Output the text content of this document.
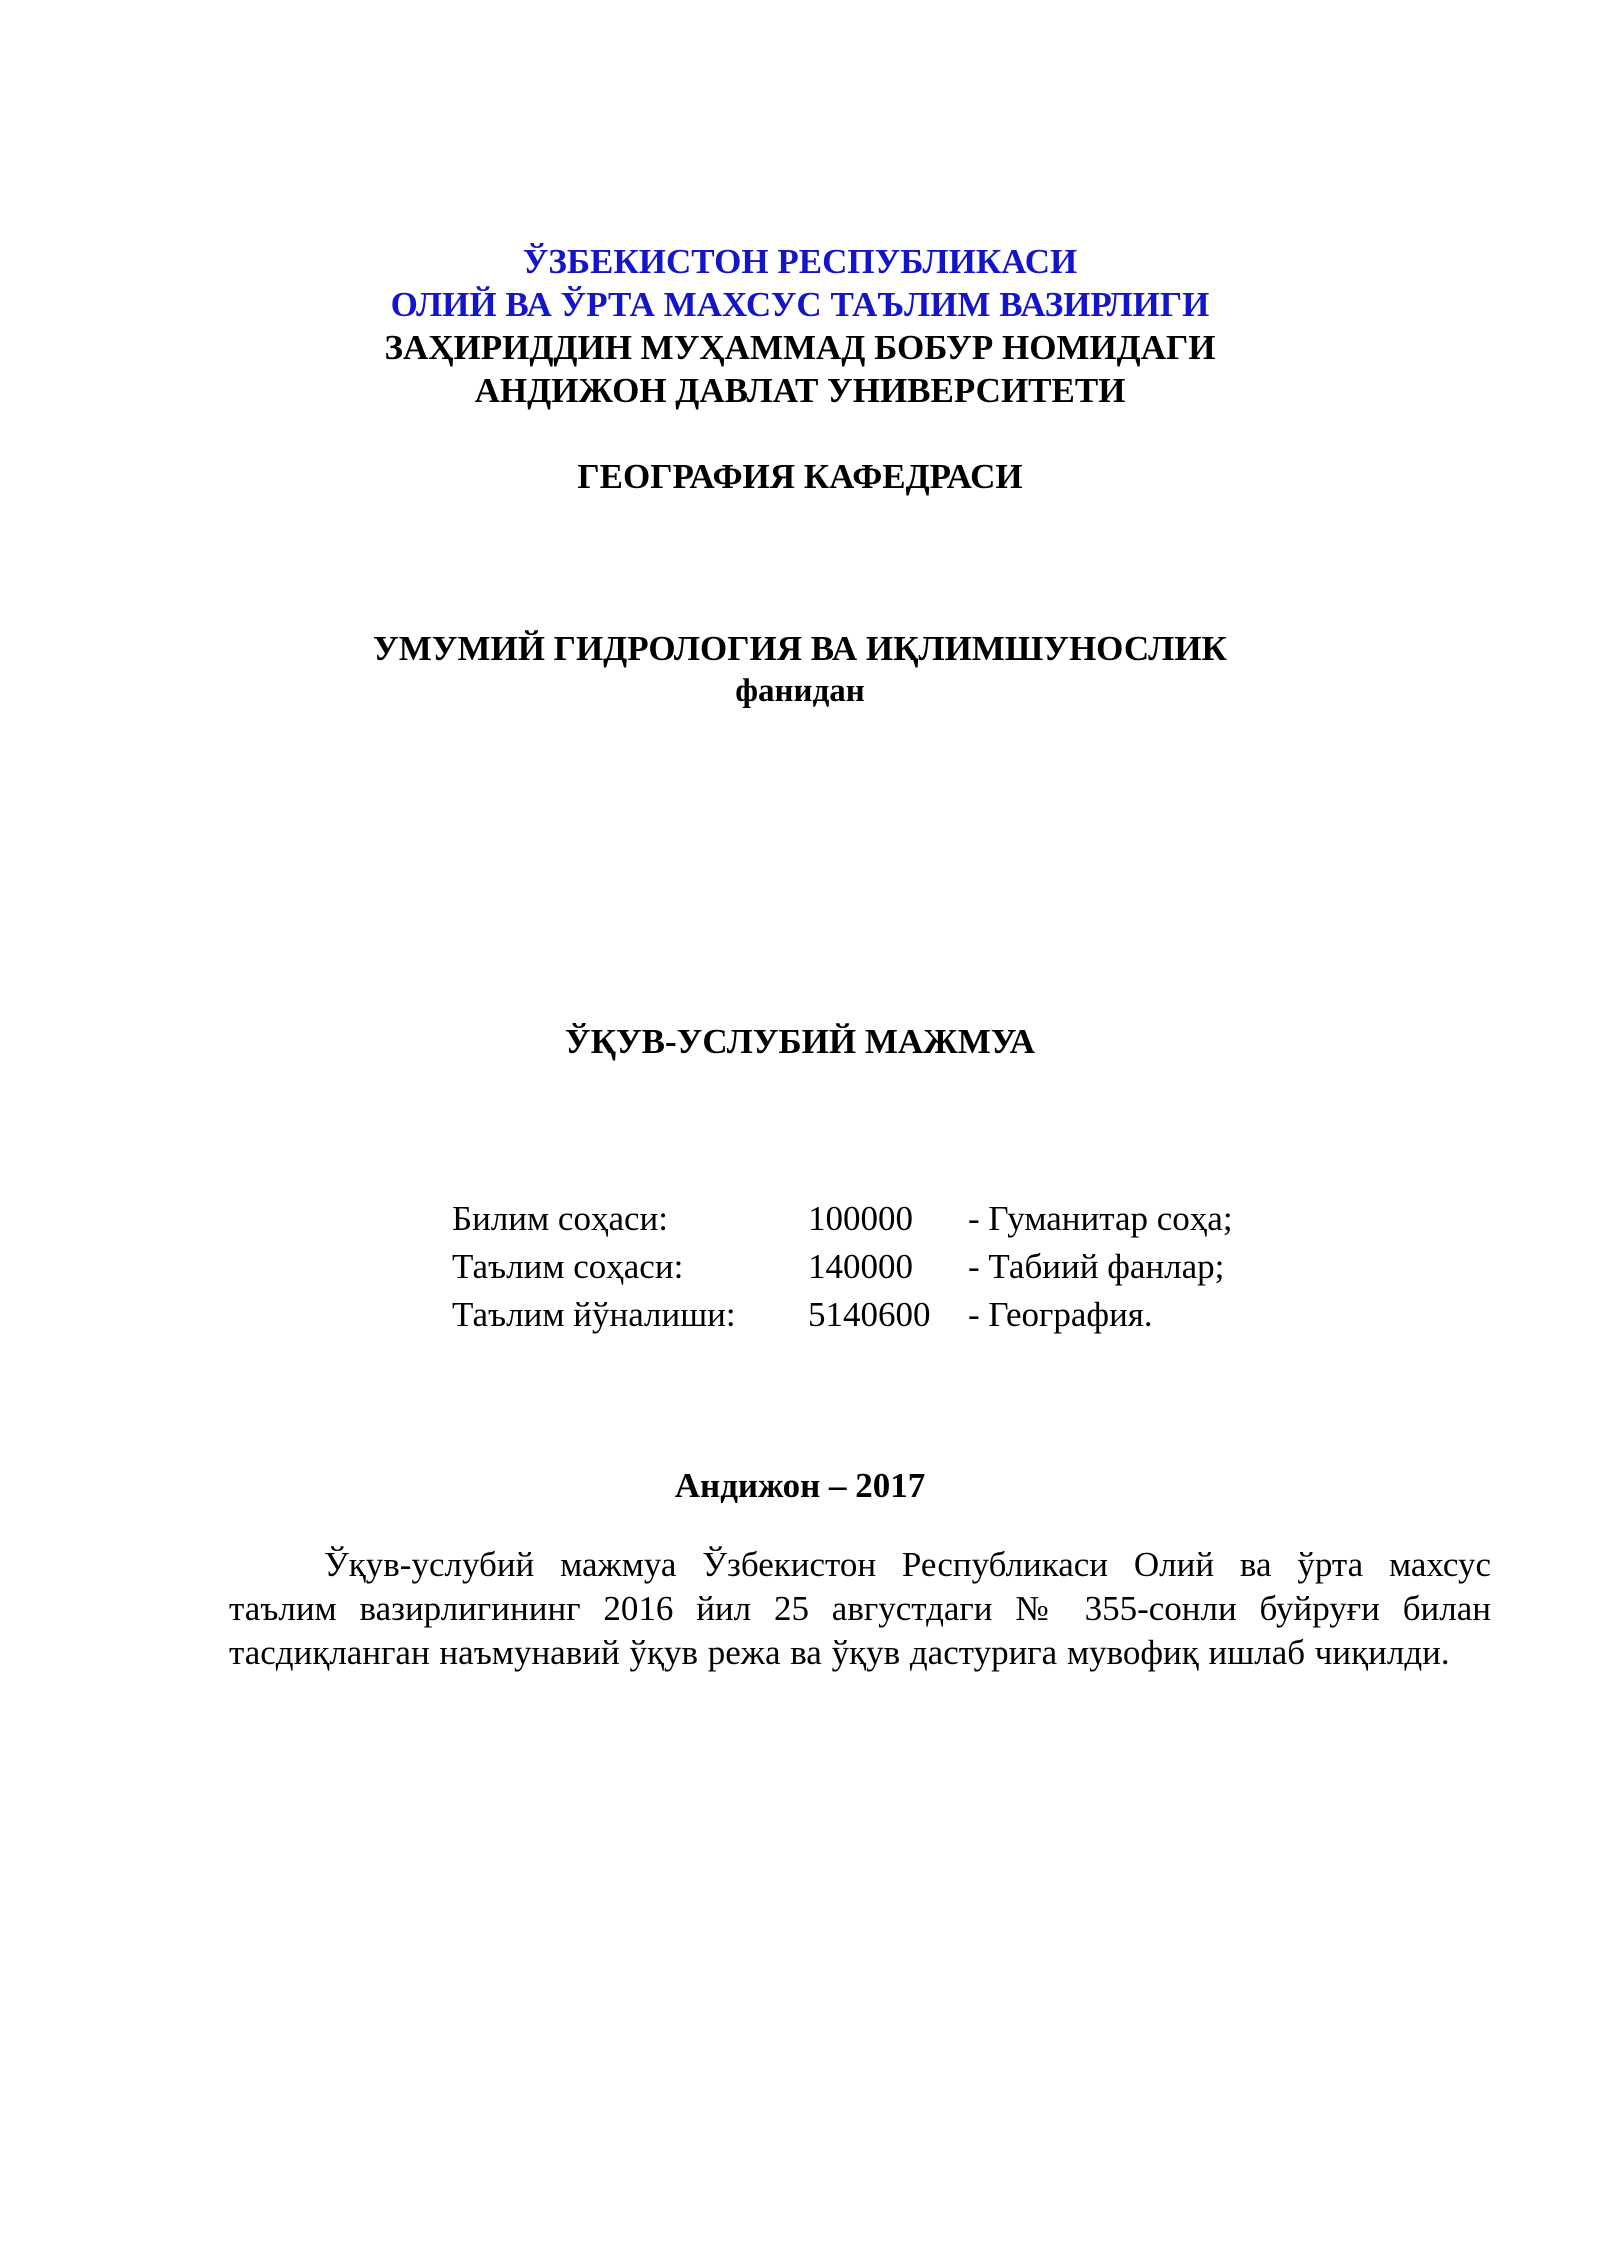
ЎЗБЕКИСТОН РЕСПУБЛИКАСИ
ОЛИЙ ВА ЎРТА МАХСУС ТАЪЛИМ ВАЗИРЛИГИ
ЗАҲИРИДДИН МУҲАММАД БОБУР НОМИДАГИ
АНДИЖОН ДАВЛАТ УНИВЕРСИТЕТИ
ГЕОГРАФИЯ КАФЕДРАСИ
УМУМИЙ ГИДРОЛОГИЯ ВА ИҚЛИМШУНОСЛИК
фанидан
ЎҚУВ-УСЛУБИЙ МАЖМУА
Билим соҳаси:	100000	- Гуманитар соҳа;
Таълим соҳаси:	140000	- Табиий фанлар;
Таълим йўналиши:	5140600	- География.
Андижон – 2017
Ўқув-услубий мажмуа Ўзбекистон Республикаси Олий ва ўрта махсус таълим вазирлигининг 2016 йил 25 августдаги № 355-сонли буйруғи билан тасдиқланган наъмунавий ўқув режа ва ўқув дастурига мувофиқ ишлаб чиқилди.
